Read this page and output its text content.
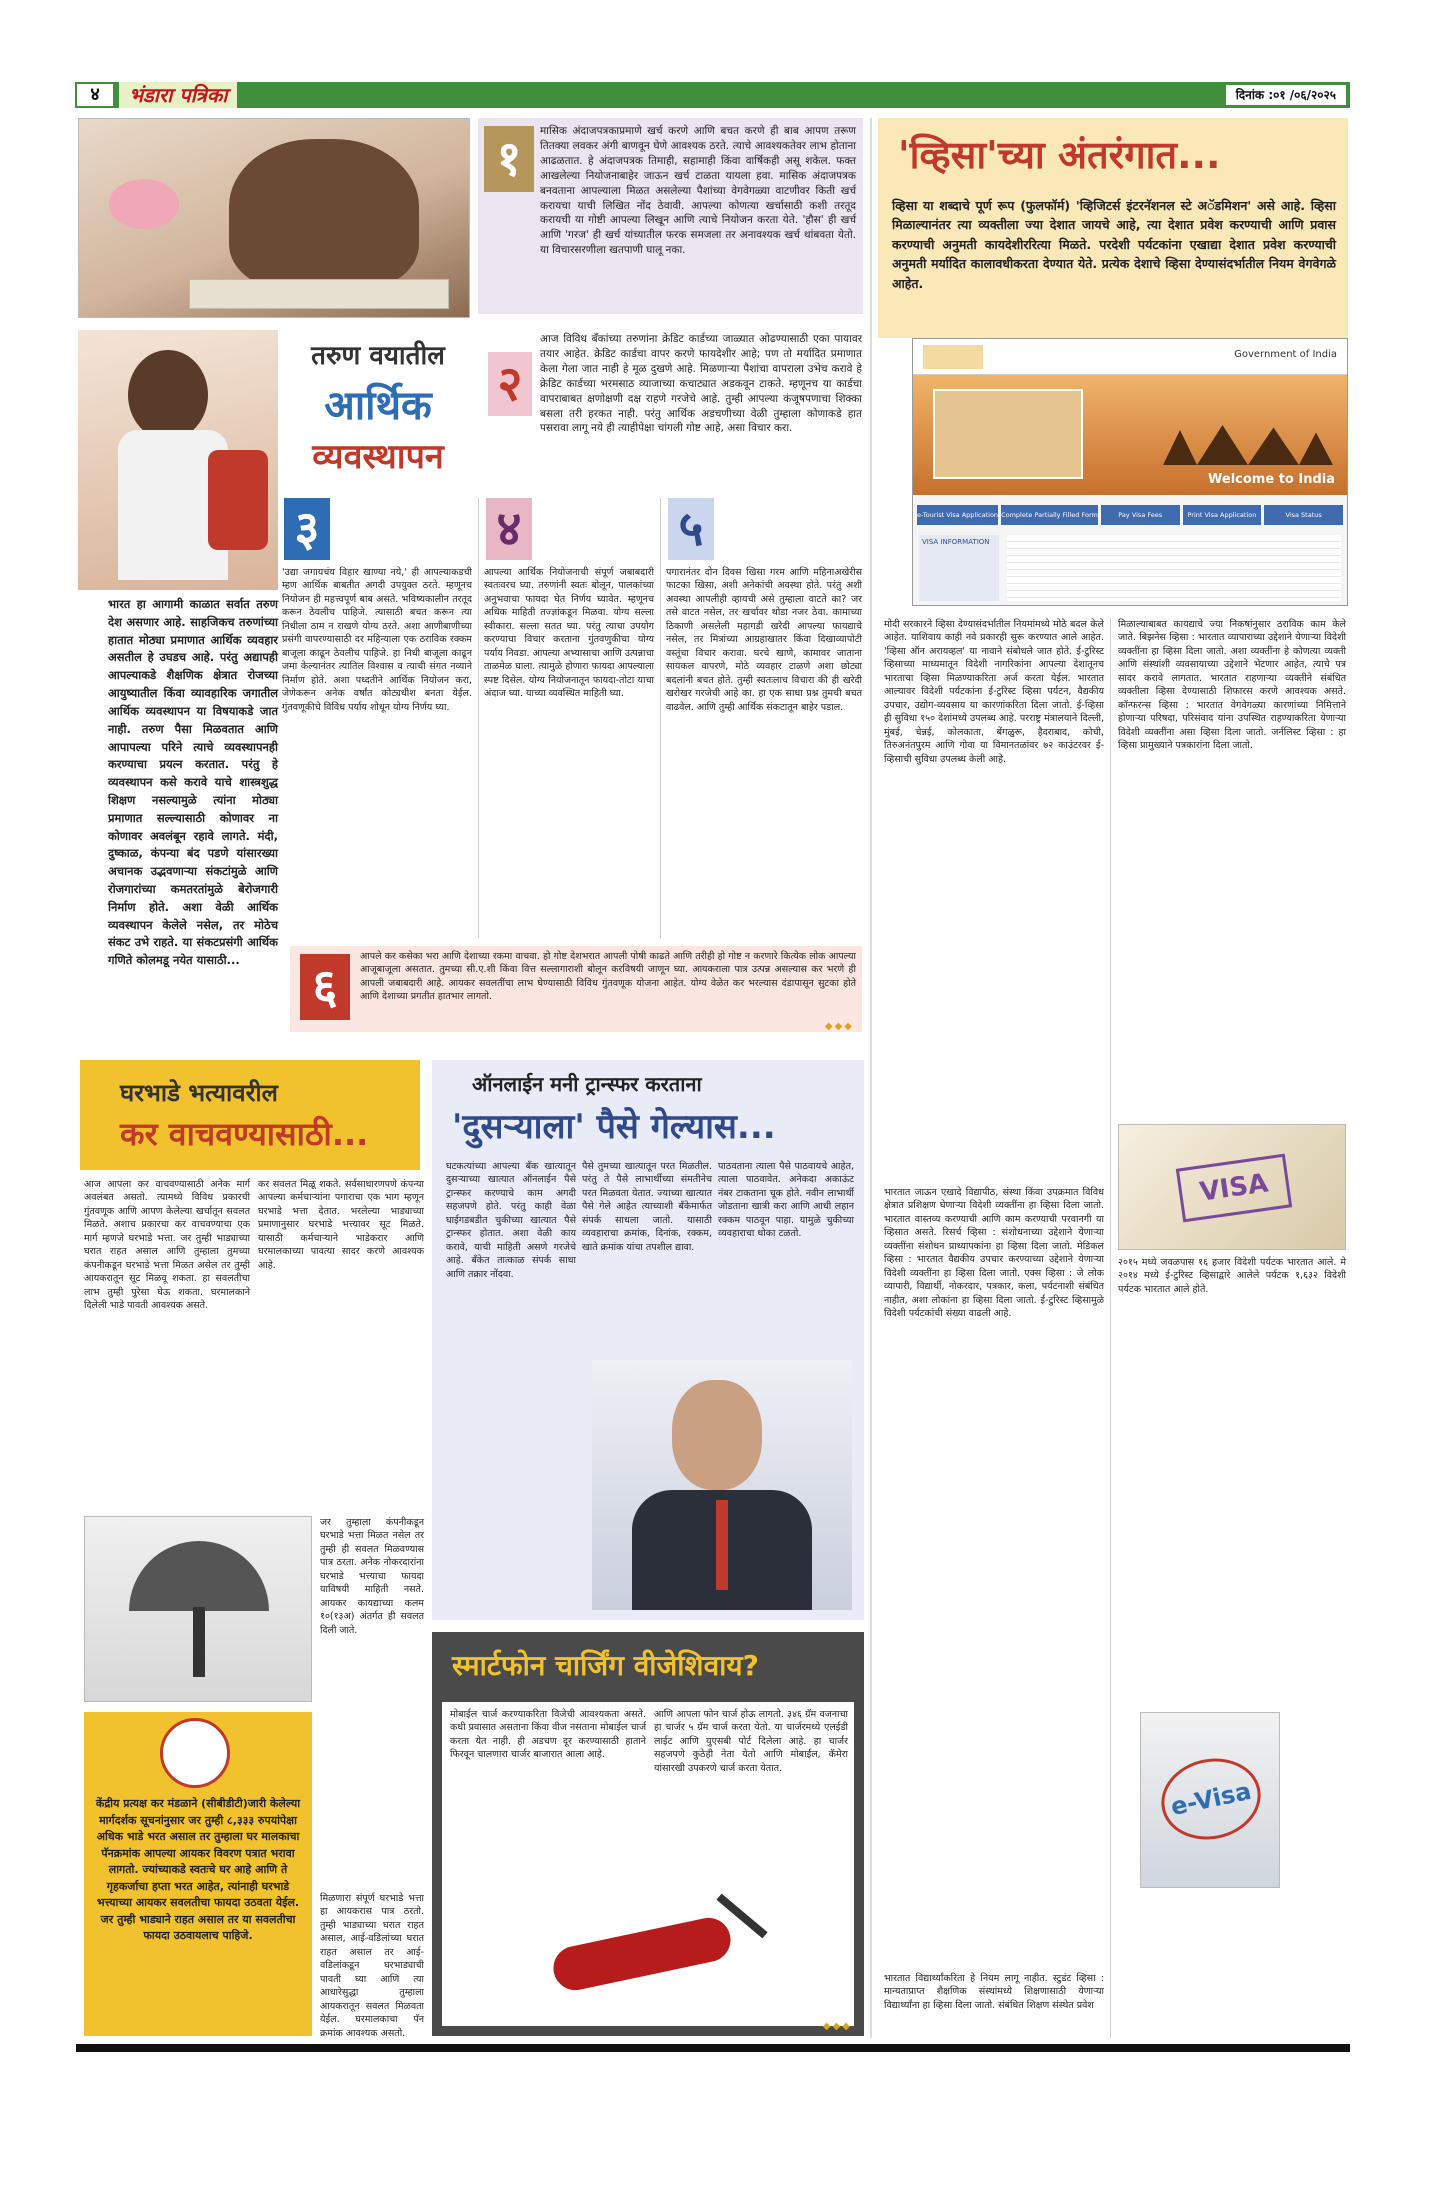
४	भंडारा पत्रिका	दिनांक :०१ /०६/२०२५
१	मासिक अंदाजपत्रकाप्रमाणे खर्च करणे आणि बचत करणे ही बाब आपण तरूण तितक्या लवकर अंगी बाणवून घेणे आवश्यक ठरते. त्याचे आवश्यकतेवर लाभ होताना आढळतात. हे अंदाजपत्रक तिमाही, सहामाही किंवा वार्षिकही असू शकेल. फक्त आखलेल्या नियोजनाबाहेर जाऊन खर्च टाळता यायला हवा. मासिक अंदाजपत्रक बनवताना आपल्याला मिळत असलेल्या पैशांच्या वेगवेगळ्या वाटणीवर किती खर्च करायचा याची लिखित नोंद ठेवावी. आपल्या कोणत्या खर्चासाठी कशी तरतूद करायची या गोष्टी आपल्या लिखून आणि त्याचे नियोजन करता येते. 'हौस' ही खर्च आणि 'गरज' ही खर्च यांच्यातील फरक समजला तर अनावश्यक खर्च थांबवता येतो. या विचारसरणीला खतपाणी घालू नका.
तरुण वयातील
आर्थिक
व्यवस्थापन
२
आज विविध बँकांच्या तरुणांना क्रेडिट कार्डच्या जाळ्यात ओढण्यासाठी एका पायावर तयार आहेत. क्रेडिट कार्डचा वापर करणे फायदेशीर आहे; पण तो मर्यादित प्रमाणात केला गेला जात नाही हे मूळ दुखणे आहे. मिळणाऱ्या पैशांचा वापराला उभेच करावे हे क्रेडिट कार्डच्या भरमसाठ व्याजाच्या कचाट्यात अडकवून टाकते. म्हणूनच या कार्डचा वापराबाबत क्षणोक्षणी दक्ष राहणे गरजेचे आहे. तुम्ही आपल्या कंजूषपणाचा शिक्का बसला तरी हरकत नाही. परंतु आर्थिक अडचणीच्या वेळी तुम्हाला कोणाकडे हात पसरावा लागू नये ही त्याहीपेक्षा चांगली गोष्ट आहे, असा विचार करा.
३
'उद्या जगायचंय विहार खाण्या नये,' ही आपल्याकडची म्हण आर्थिक बाबतीत अगदी उपयुक्त ठरते. म्हणूनच नियोजन ही महत्त्वपूर्ण बाब असते. भविष्यकालीन तरतूद करून ठेवलीच पाहिजे. त्यासाठी बचत करून त्या निधीला ठाम न राखणे योग्य ठरते. अशा आणीबाणीच्या प्रसंगी वापरण्यासाठी दर महिन्याला एक ठराविक रक्कम बाजूला काढून ठेवलीच पाहिजे. हा निधी बाजूला काढून जमा केल्यानंतर त्यातिल विश्वास व त्याची संगत नव्याने निर्माण होते. अशा पध्दतीने आर्थिक नियोजन करा, जेणेकरून अनेक वर्षांत कोट्यधीश बनता येईल. गुंतवणूकीचे विविध पर्याय शोधून योग्य निर्णय घ्या.
४
आपल्या आर्थिक नियोजनाची संपूर्ण जबाबदारी स्वतःवरच घ्या. तरुणांनी स्वतः बोलून, पालकांच्या अनुभवाचा फायदा घेत निर्णय घ्यावेत. म्हणूनच अधिक माहिती तज्ज्ञांकडून मिळवा. योग्य सल्ला स्वीकारा. सल्ला सतत घ्या. परंतु त्याचा उपयोग करण्याचा विचार करताना गुंतवणुकीचा योग्य पर्याय निवडा. आपल्या अभ्यासाचा आणि उत्पन्नाचा ताळमेळ घाला. त्यामुळे होणारा फायदा आपल्याला स्पष्ट दिसेल. योग्य नियोजनातून फायदा-तोटा याचा अंदाज घ्या. याच्या व्यवस्थित माहिती घ्या.
५
पगारानंतर दोन दिवस खिसा गरम आणि महिनाअखेरीस फाटका खिसा, अशी अनेकांची अवस्था होते. परंतु अशी अवस्था आपलीही व्हायची असे तुम्हाला वाटते का? जर तसे वाटत नसेल, तर खर्चावर थोडा नजर ठेवा. कामाच्या ठिकाणी असलेली महागडी खरेदी आपल्या फायद्याचे नसेल, तर मित्रांच्या आग्रहाखातर किंवा दिखाव्यापोटी वस्तूंचा विचार करावा. घरचे खाणे, कामावर जाताना सायकल वापरणे, मोठे व्यवहार टाळणे अशा छोट्या बदलांनी बचत होते. तुम्ही स्वतःलाच विचारा की ही खरेदी खरोखर गरजेची आहे का. हा एक साधा प्रश्न तुमची बचत वाढवेल. आणि तुम्ही आर्थिक संकटातून बाहेर पडाल.
भारत हा आगामी काळात सर्वात तरुण देश असणार आहे. साहजिकच तरुणांच्या हातात मोठ्या प्रमाणात आर्थिक व्यवहार असतील हे उघडच आहे. परंतु अद्यापही आपल्याकडे शैक्षणिक क्षेत्रात रोजच्या आयुष्यातील किंवा व्यावहारिक जगातील आर्थिक व्यवस्थापन या विषयाकडे जात नाही. तरुण पैसा मिळवतात आणि आपापल्या परिने त्याचे व्यवस्थापनही करण्याचा प्रयत्न करतात. परंतु हे व्यवस्थापन कसे करावे याचे शास्त्रशुद्ध शिक्षण नसल्यामुळे त्यांना मोठ्या प्रमाणात सल्ल्यासाठी कोणावर ना कोणावर अवलंबून रहावे लागते. मंदी, दुष्काळ, कंपन्या बंद पडणे यांसारख्या अचानक उद्भवणाऱ्या संकटांमुळे आणि रोजगारांच्या कमतरतांमुळे बेरोजगारी निर्माण होते. अशा वेळी आर्थिक व्यवस्थापन केलेले नसेल, तर मोठेच संकट उभे राहते. या संकटप्रसंगी आर्थिक गणिते कोलमडू नयेत यासाठी...	६
आपले कर कसेका भरा आणि देशाच्या रकमा वाचवा. हो गोष्ट देशभरात आपली पोषी काढते आणि तरीही हो गोष्ट न करणारे कित्येक लोक आपल्या आजूबाजूला असतात. तुमच्या सी.ए.शी किंवा वित्त सल्लागाराशी बोलून करविषयी जाणून घ्या. आयकराला पात्र उत्पन्न असल्यास कर भरणे ही आपली जबाबदारी आहे. आयकर सवलतींचा लाभ घेण्यासाठी विविध गुंतवणूक योजना आहेत. योग्य वेळेत कर भरल्यास दंडापासून सुटका होते आणि देशाच्या प्रगतीत हातभार लागतो.
◆◆◆
'व्हिसा'च्या अंतरंगात...
व्हिसा या शब्दाचे पूर्ण रूप (फुलफॉर्म) 'व्हिजिटर्स इंटरनॅशनल स्टे अॅडमिशन' असे आहे. व्हिसा मिळाल्यानंतर त्या व्यक्तीला ज्या देशात जायचे आहे, त्या देशात प्रवेश करण्याची आणि प्रवास करण्याची अनुमती कायदेशीररित्या मिळते. परदेशी पर्यटकांना एखाद्या देशात प्रवेश करण्याची अनुमती मर्यादित कालावधीकरता देण्यात येते. प्रत्येक देशाचे व्हिसा देण्यासंदर्भातील नियम वेगवेगळे आहेत.
Government of India
Welcome to India
e-Tourist Visa Application Complete Partially Filled Form	Pay Visa Fees	Print Visa Application	Visa Status
VISA INFORMATION
मोदी सरकारने व्हिसा देण्यासंदर्भातील नियमांमध्ये मोठे बदल केले आहेत. याशिवाय काही नवे प्रकारही सुरू करण्यात आले आहेत. 'व्हिसा ऑन अरायव्हल' या नावाने संबोधले जात होते. ई-टुरिस्ट व्हिसाच्या माध्यमातून विदेशी नागरिकांना आपल्या देशातूनच भारताचा व्हिसा मिळण्याकरिता अर्ज करता येईल. भारतात आल्यावर विदेशी पर्यटकांना ई-टुरिस्ट व्हिसा पर्यटन, वैद्यकीय उपचार, उद्योग-व्यवसाय या कारणांकरिता दिला जातो. ई-व्हिसा ही सुविधा १५० देशांमध्ये उपलब्ध आहे. परराष्ट्र मंत्रालयाने दिल्ली, मुंबई, चेन्नई, कोलकाता, बेंगळुरू, हैदराबाद, कोची, तिरुअनंतपुरम आणि गोवा या विमानतळांवर ७२ काउंटरवर ई-व्हिसाची सुविधा उपलब्ध केली आहे.
मिळाल्याबाबत कायद्याचे ज्या निकषांनुसार ठराविक काम केले जाते. बिझनेस व्हिसा : भारतात व्यापाराच्या उद्देशाने येणाऱ्या विदेशी व्यक्तींना हा व्हिसा दिला जातो. अशा व्यक्तींना हे कोणत्या व्यक्ती आणि संस्थांशी व्यवसायाच्या उद्देशाने भेटणार आहेत, त्याचे पत्र सादर करावे लागतात. भारतात राहणाऱ्या व्यक्तीने संबंधित व्यक्तीला व्हिसा देण्यासाठी शिफारस करणे आवश्यक असते. कॉन्फरन्स व्हिसा : भारतात वेगवेगळ्या कारणांच्या निमित्ताने होणाऱ्या परिषदा, परिसंवाद यांना उपस्थित राहण्याकरिता येणाऱ्या विदेशी व्यक्तींना असा व्हिसा दिला जातो. जर्नलिस्ट व्हिसा : हा व्हिसा प्रामुख्याने पत्रकारांना दिला जातो.
VISA
भारतात जाऊन एखादे विद्यापीठ, संस्था किंवा उपक्रमात विविध क्षेत्रात प्रशिक्षण घेणाऱ्या विदेशी व्यक्तींना हा व्हिसा दिला जातो. भारतात वास्तव्य करण्याची आणि काम करण्याची परवानगी या व्हिसात असते. रिसर्च व्हिसा : संशोधनाच्या उद्देशाने येणाऱ्या व्यक्तींना संशोधन प्राध्यापकांना हा व्हिसा दिला जातो. मेडिकल व्हिसा : भारतात वैद्यकीय उपचार करण्याच्या उद्देशाने येणाऱ्या विदेशी व्यक्तींना हा व्हिसा दिला जातो. एक्स व्हिसा : जे लोक व्यापारी, विद्यार्थी, नोकरदार, पत्रकार, कला, पर्यटनाशी संबंधित नाहीत, अशा लोकांना हा व्हिसा दिला जातो. ई-टुरिस्ट व्हिसामुळे विदेशी पर्यटकांची संख्या वाढली आहे.
२०१५ मध्ये जवळपास १६ हजार विदेशी पर्यटक भारतात आले. मे २०१४ मध्ये ई-टुरिस्ट व्हिसाद्वारे आलेले पर्यटक १,६३२ विदेशी पर्यटक भारतात आले होते.
e-Visa
भारतात विद्यार्थ्यांकरिता हे नियम लागू नाहीत. स्टुडंट व्हिसा : मान्यताप्राप्त शैक्षणिक संस्थांमध्ये शिक्षणासाठी येणाऱ्या विद्यार्थ्यांना हा व्हिसा दिला जातो. संबंधित शिक्षण संस्थेत प्रवेश
घरभाडे भत्यावरील
कर वाचवण्यासाठी...
आज आपला कर वाचवण्यासाठी अनेक मार्ग अवलंबत असतो. त्यामध्ये विविध प्रकारची गुंतवणूक आणि आपण केलेल्या खर्चातून सवलत मिळते. अशाच प्रकारचा कर वाचवण्याचा एक मार्ग म्हणजे घरभाडे भत्ता. जर तुम्ही भाड्याच्या घरात राहत असाल आणि तुम्हाला तुमच्या कंपनीकडून घरभाडे भत्ता मिळत असेल तर तुम्ही आयकरातून सूट मिळवू शकता. हा सवलतीचा लाभ तुम्ही पुरेसा घेऊ शकता. घरमालकाने दिलेली भाडे पावती आवश्यक असते.
कर सवलत मिळू शकते. सर्वसाधारणपणे कंपन्या आपल्या कर्मचाऱ्यांना पगाराचा एक भाग म्हणून घरभाडे भत्ता देतात. भरलेल्या भाड्याच्या प्रमाणानुसार घरभाडे भत्त्यावर सूट मिळते. यासाठी कर्मचाऱ्याने भाडेकरार आणि घरमालकाच्या पावत्या सादर करणे आवश्यक आहे.
जर तुम्हाला कंपनीकडून घरभाडे भत्ता मिळत नसेल तर तुम्ही ही सवलत मिळवण्यास पात्र ठरता. अनेक नोकरदारांना घरभाडे भत्त्याचा फायदा याविषयी माहिती नसते. आयकर कायद्याच्या कलम १०(१३अ) अंतर्गत ही सवलत दिली जाते.
केंद्रीय प्रत्यक्ष कर मंडळाने (सीबीडीटी)जारी केलेल्या मार्गदर्शक सूचनांनुसार जर तुम्ही ८,३३३ रुपयांपेक्षा अधिक भाडे भरत असाल तर तुम्हाला घर मालकाचा पॅनक्रमांक आपल्या आयकर विवरण पत्रात भरावा लागतो. ज्यांच्याकडे स्वतःचे घर आहे आणि ते गृहकर्जाचा हप्ता भरत आहेत, त्यांनाही घरभाडे भत्त्याच्या आयकर सवलतीचा फायदा उठवता येईल. जर तुम्ही भाड्याने राहत असाल तर या सवलतीचा फायदा उठवायलाच पाहिजे.
मिळणारा संपूर्ण घरभाडे भत्ता हा आयकरास पात्र ठरतो. तुम्ही भाड्याच्या घरात राहत असाल, आई-वडिलांच्या घरात राहत असाल तर आई-वडिलांकडून घरभाड्याची पावती घ्या आणि त्या आधारेसुद्धा तुम्हाला आयकरातून सवलत मिळवता येईल. घरमालकाचा पॅन क्रमांक आवश्यक असतो.
ऑनलाईन मनी ट्रान्स्फर करताना
'दुसऱ्याला' पैसे गेल्यास...
घटकत्यांच्या आपल्या बँक खात्यातून दुसऱ्याच्या खात्यात ऑनलाईन पैसे ट्रान्स्फर करण्याचे काम अगदी सहजपणे होते. परंतु काही वेळा घाईगडबडीत चुकीच्या खात्यात पैसे ट्रान्स्फर होतात. अशा वेळी काय करावे, याची माहिती असणे गरजेचे आहे. बँकेत तात्काळ संपर्क साधा आणि तक्रार नोंदवा.
पैसे तुमच्या खात्यातून परत मिळतील. परंतु ते पैसे लाभार्थीच्या संमतीनेच परत मिळवता येतात. ज्याच्या खात्यात पैसे गेले आहेत त्याच्याशी बँकेमार्फत संपर्क साधला जातो. यासाठी व्यवहाराचा क्रमांक, दिनांक, रक्कम, खाते क्रमांक यांचा तपशील द्यावा.
पाठवताना त्याला पैसे पाठवायचे आहेत, त्याला पाठवावेत. अनेकदा अकाऊंट नंबर टाकताना चूक होते. नवीन लाभार्थी जोडताना खात्री करा आणि आधी लहान रक्कम पाठवून पाहा. यामुळे चुकीच्या व्यवहाराचा धोका टळतो.
स्मार्टफोन चार्जिंग वीजेशिवाय?
मोबाईल चार्ज करण्याकरिता विजेची आवश्यकता असते. कधी प्रवासात असताना किंवा वीज नसताना मोबाईल चार्ज करता येत नाही. ही अडचण दूर करण्यासाठी हाताने फिरवून चालणारा चार्जर बाजारात आला आहे.
आणि आपला फोन चार्ज होऊ लागतो. ३४६ ग्रॅम वजनाचा हा चार्जर ५ ग्रॅम चार्ज करता येतो. या चार्जरमध्ये एलईडी लाईट आणि युएसबी पोर्ट दिलेला आहे. हा चार्जर सहजपणे कुठेही नेता येतो आणि मोबाईल, कॅमेरा यांसारखी उपकरणे चार्ज करता येतात.
◆◆◆
